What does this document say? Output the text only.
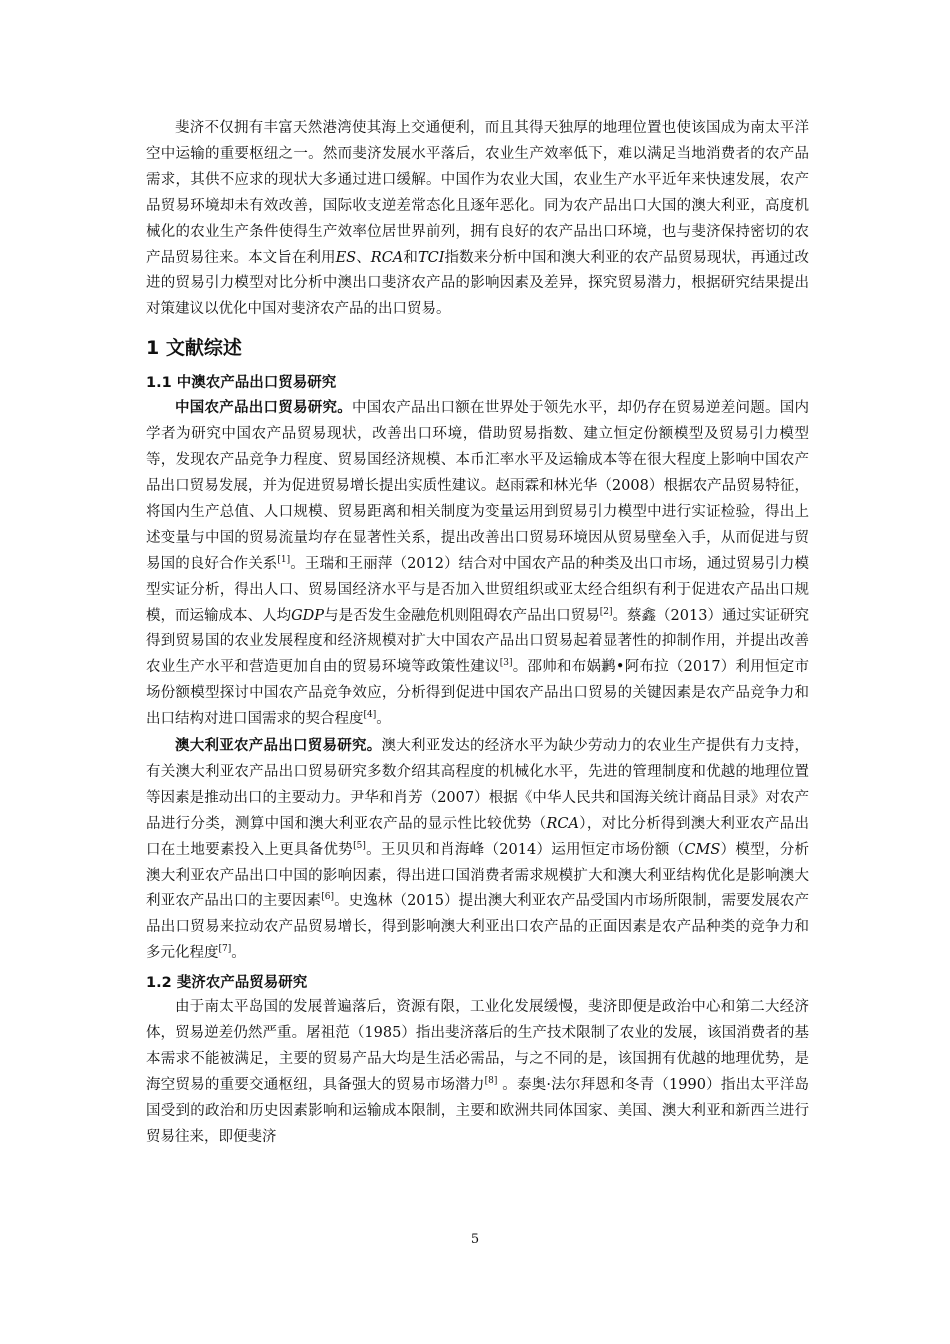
斐济不仅拥有丰富天然港湾使其海上交通便利，而且其得天独厚的地理位置也使该国成为南太平洋空中运输的重要枢纽之一。然而斐济发展水平落后，农业生产效率低下，难以满足当地消费者的农产品需求，其供不应求的现状大多通过进口缓解。中国作为农业大国，农业生产水平近年来快速发展，农产品贸易环境却未有效改善，国际收支逆差常态化且逐年恶化。同为农产品出口大国的澳大利亚，高度机械化的农业生产条件使得生产效率位居世界前列，拥有良好的农产品出口环境，也与斐济保持密切的农产品贸易往来。本文旨在利用ES、RCA和TCI指数来分析中国和澳大利亚的农产品贸易现状，再通过改进的贸易引力模型对比分析中澳出口斐济农产品的影响因素及差异，探究贸易潜力，根据研究结果提出对策建议以优化中国对斐济农产品的出口贸易。

1 文献综述
1.1 中澳农产品出口贸易研究

中国农产品出口贸易研究。中国农产品出口额在世界处于领先水平，却仍存在贸易逆差问题。国内学者为研究中国农产品贸易现状，改善出口环境，借助贸易指数、建立恒定份额模型及贸易引力模型等，发现农产品竞争力程度、贸易国经济规模、本币汇率水平及运输成本等在很大程度上影响中国农产品出口贸易发展，并为促进贸易增长提出实质性建议。赵雨霖和林光华（2008）根据农产品贸易特征，将国内生产总值、人口规模、贸易距离和相关制度为变量运用到贸易引力模型中进行实证检验，得出上述变量与中国的贸易流量均存在显著性关系，提出改善出口贸易环境因从贸易壁垒入手，从而促进与贸易国的良好合作关系[1]。王瑞和王丽萍（2012）结合对中国农产品的种类及出口市场，通过贸易引力模型实证分析，得出人口、贸易国经济水平与是否加入世贸组织或亚太经合组织有利于促进农产品出口规模，而运输成本、人均GDP与是否发生金融危机则阻碍农产品出口贸易[2]。蔡鑫（2013）通过实证研究得到贸易国的农业发展程度和经济规模对扩大中国农产品出口贸易起着显著性的抑制作用，并提出改善农业生产水平和营造更加自由的贸易环境等政策性建议[3]。邵帅和布娲鹣•阿布拉（2017）利用恒定市场份额模型探讨中国农产品竞争效应，分析得到促进中国农产品出口贸易的关键因素是农产品竞争力和出口结构对进口国需求的契合程度[4]。

澳大利亚农产品出口贸易研究。澳大利亚发达的经济水平为缺少劳动力的农业生产提供有力支持，有关澳大利亚农产品出口贸易研究多数介绍其高程度的机械化水平，先进的管理制度和优越的地理位置等因素是推动出口的主要动力。尹华和肖芳（2007）根据《中华人民共和国海关统计商品目录》对农产品进行分类，测算中国和澳大利亚农产品的显示性比较优势（RCA），对比分析得到澳大利亚农产品出口在土地要素投入上更具备优势[5]。王贝贝和肖海峰（2014）运用恒定市场份额（CMS）模型，分析澳大利亚农产品出口中国的影响因素，得出进口国消费者需求规模扩大和澳大利亚结构优化是影响澳大利亚农产品出口的主要因素[6]。史逸林（2015）提出澳大利亚农产品受国内市场所限制，需要发展农产品出口贸易来拉动农产品贸易增长，得到影响澳大利亚出口农产品的正面因素是农产品种类的竞争力和多元化程度[7]。

1.2 斐济农产品贸易研究

由于南太平岛国的发展普遍落后，资源有限，工业化发展缓慢，斐济即便是政治中心和第二大经济体，贸易逆差仍然严重。屠祖范（1985）指出斐济落后的生产技术限制了农业的发展，该国消费者的基本需求不能被满足，主要的贸易产品大均是生活必需品，与之不同的是，该国拥有优越的地理优势，是海空贸易的重要交通枢纽，具备强大的贸易市场潜力[8] 。泰奥·法尔拜恩和冬青（1990）指出太平洋岛国受到的政治和历史因素影响和运输成本限制，主要和欧洲共同体国家、美国、澳大利亚和新西兰进行贸易往来，即便斐济

5
